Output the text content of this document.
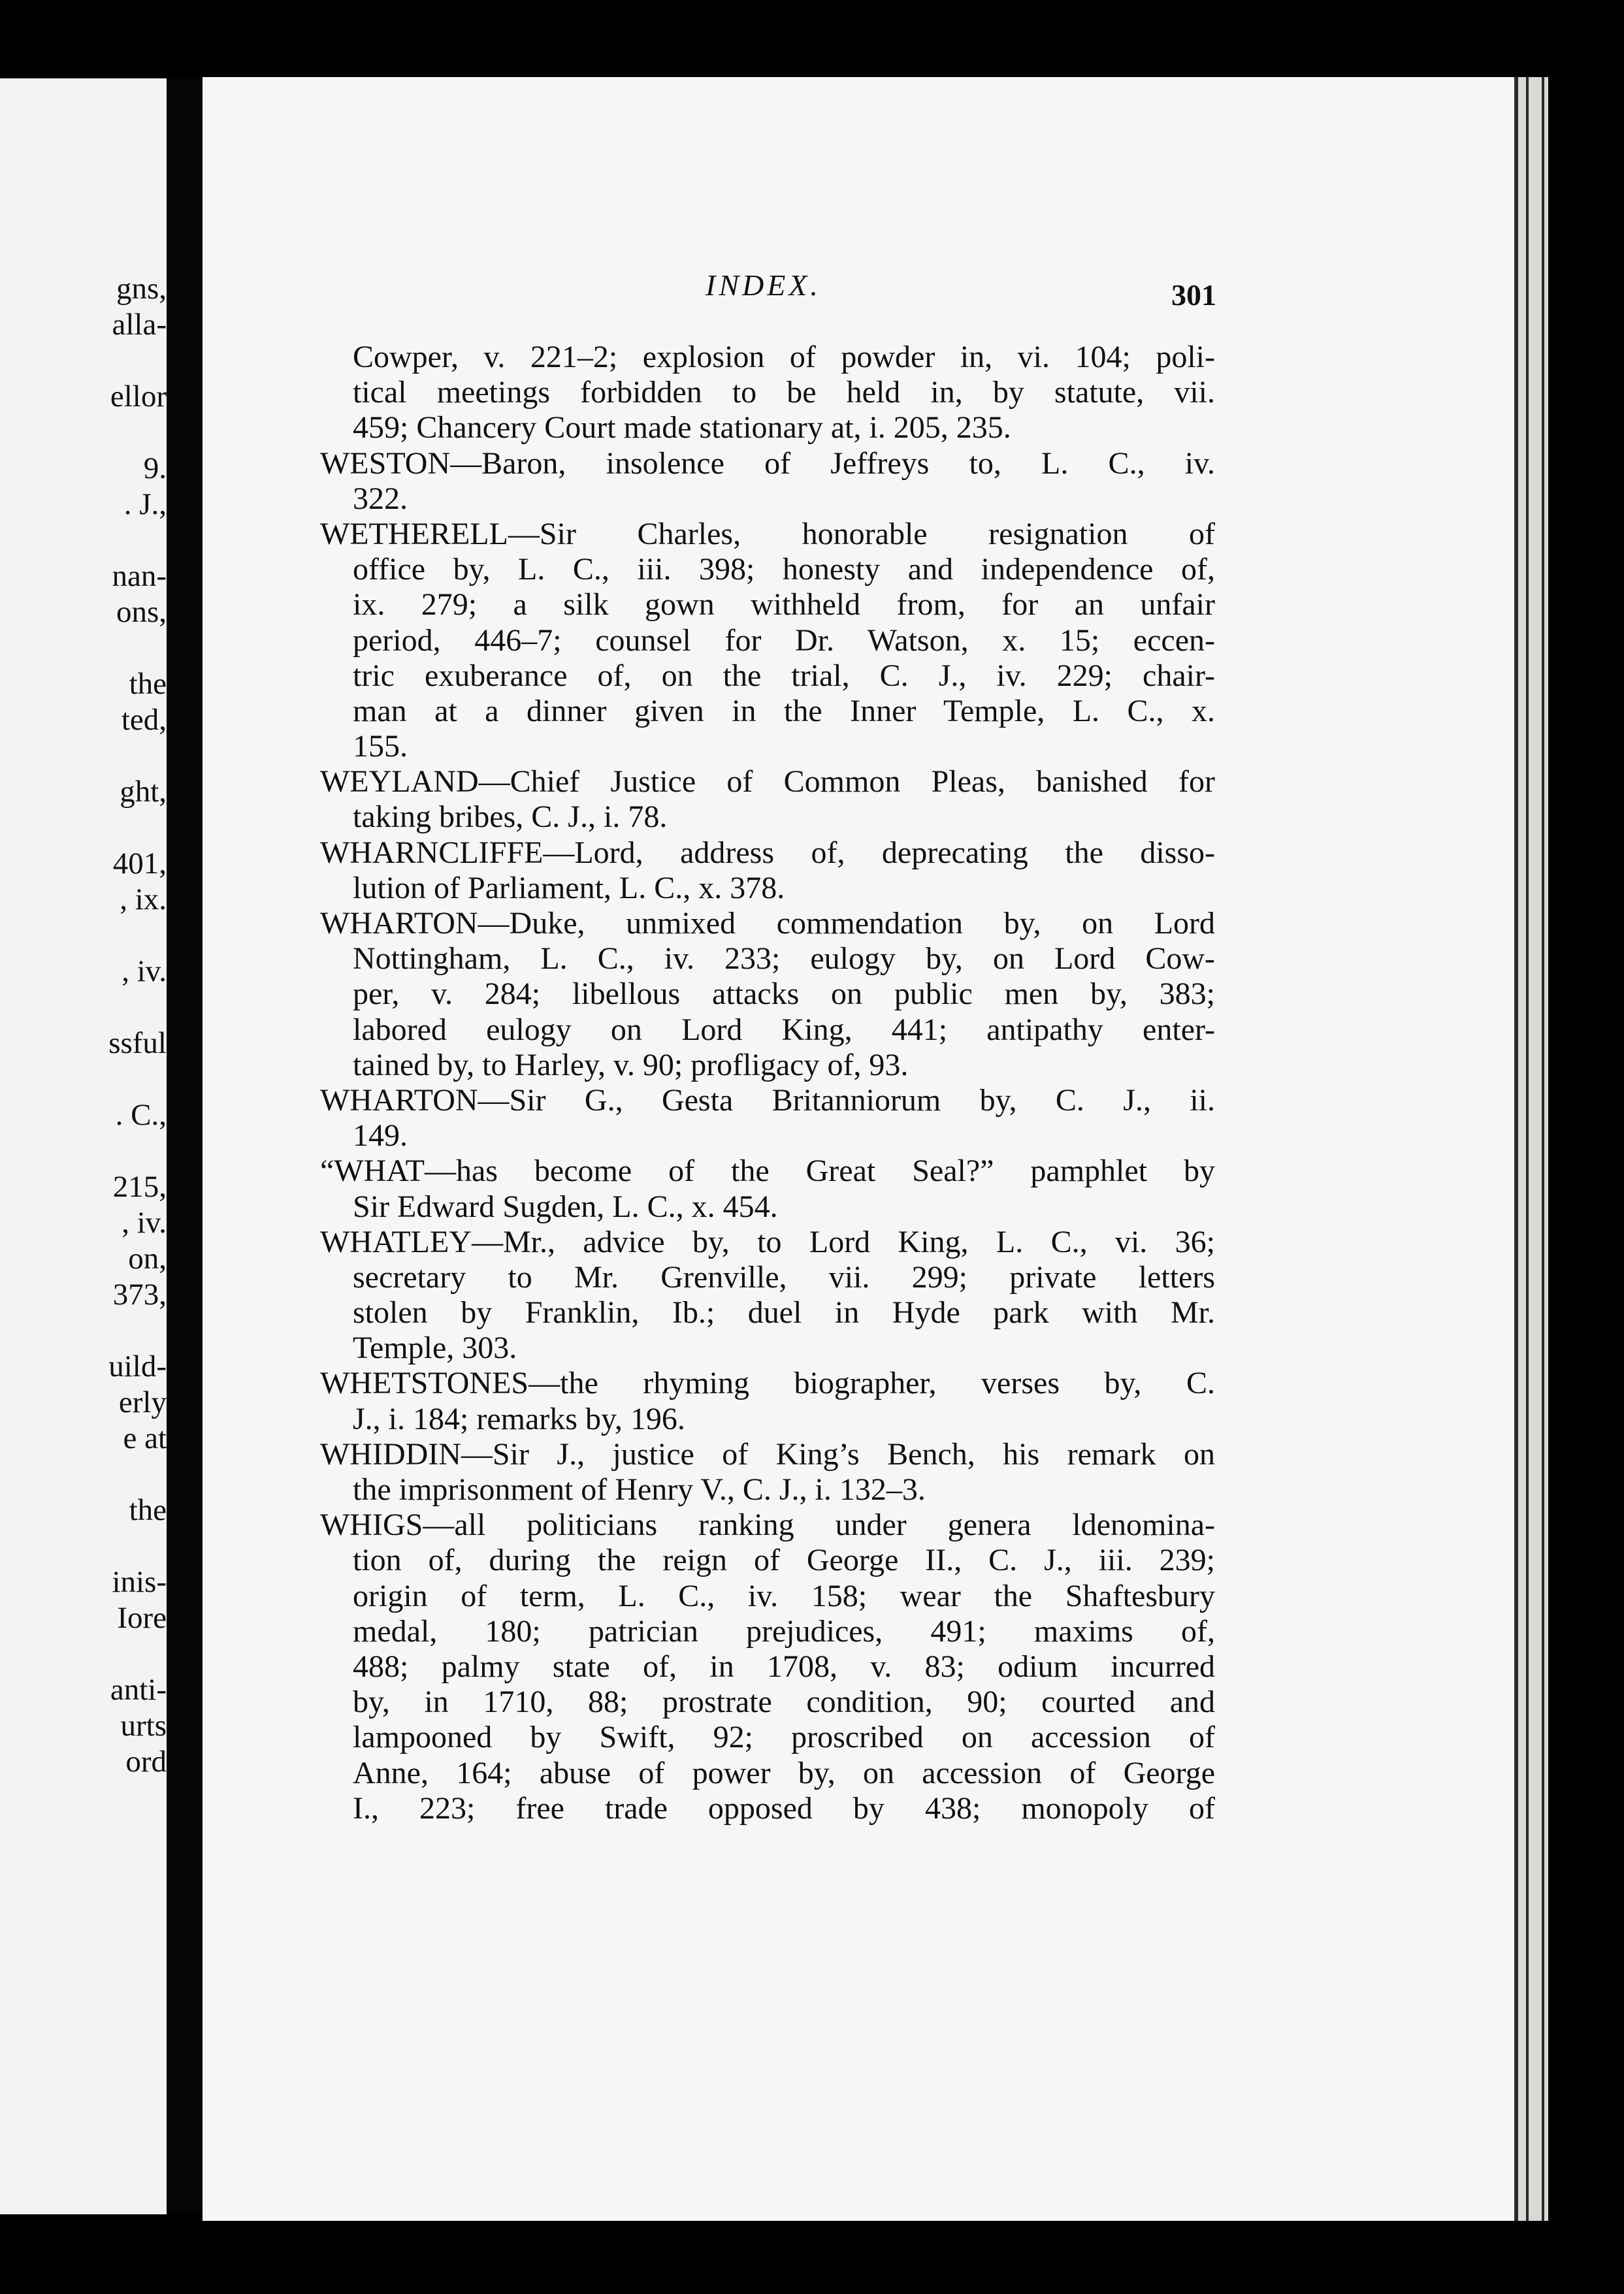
gns,
alla-
ellor
9.
. J.,
nan-
ons,
the
ted,
ght,
401,
, ix.
, iv.
ssful
. C.,
215,
, iv.
on,
373,
uild-
erly
e at
the
inis-
Iore
anti-
urts
ord
INDEX.	301
Cowper, v. 221–2; explosion of powder in, vi. 104; poli-
tical meetings forbidden to be held in, by statute, vii.
459; Chancery Court made stationary at, i. 205, 235.
WESTON—Baron, insolence of Jeffreys to, L. C., iv.
322.
WETHERELL—Sir Charles, honorable resignation of
office by, L. C., iii. 398; honesty and independence of,
ix. 279; a silk gown withheld from, for an unfair
period, 446–7; counsel for Dr. Watson, x. 15; eccen-
tric exuberance of, on the trial, C. J., iv. 229; chair-
man at a dinner given in the Inner Temple, L. C., x.
155.
WEYLAND—Chief Justice of Common Pleas, banished for
taking bribes, C. J., i. 78.
WHARNCLIFFE—Lord, address of, deprecating the disso-
lution of Parliament, L. C., x. 378.
WHARTON—Duke, unmixed commendation by, on Lord
Nottingham, L. C., iv. 233; eulogy by, on Lord Cow-
per, v. 284; libellous attacks on public men by, 383;
labored eulogy on Lord King, 441; antipathy enter-
tained by, to Harley, v. 90; profligacy of, 93.
WHARTON—Sir G., Gesta Britanniorum by, C. J., ii.
149.
“WHAT—has become of the Great Seal?” pamphlet by
Sir Edward Sugden, L. C., x. 454.
WHATLEY—Mr., advice by, to Lord King, L. C., vi. 36;
secretary to Mr. Grenville, vii. 299; private letters
stolen by Franklin, Ib.; duel in Hyde park with Mr.
Temple, 303.
WHETSTONES—the rhyming biographer, verses by, C.
J., i. 184; remarks by, 196.
WHIDDIN—Sir J., justice of King’s Bench, his remark on
the imprisonment of Henry V., C. J., i. 132–3.
WHIGS—all politicians ranking under genera ldenomina-
tion of, during the reign of George II., C. J., iii. 239;
origin of term, L. C., iv. 158; wear the Shaftesbury
medal, 180; patrician prejudices, 491; maxims of,
488; palmy state of, in 1708, v. 83; odium incurred
by, in 1710, 88; prostrate condition, 90; courted and
lampooned by Swift, 92; proscribed on accession of
Anne, 164; abuse of power by, on accession of George
I., 223; free trade opposed by 438; monopoly of
